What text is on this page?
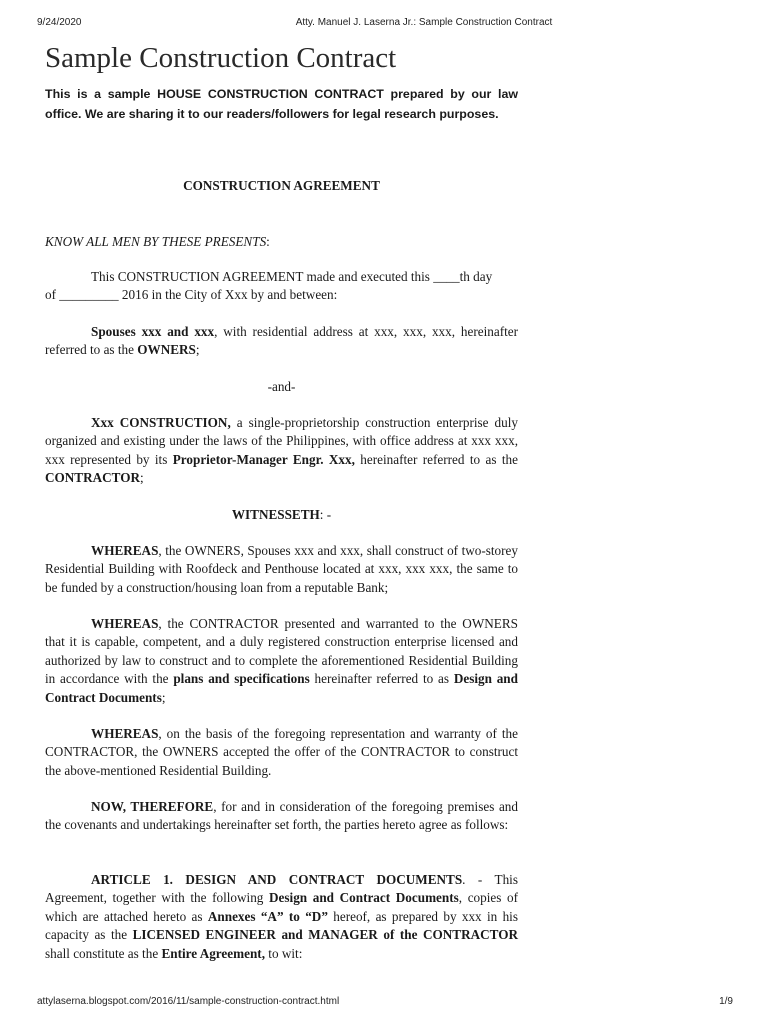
9/24/2020	Atty. Manuel J. Laserna Jr.: Sample Construction Contract
Sample Construction Contract

This is a sample HOUSE CONSTRUCTION CONTRACT prepared by our law office. We are sharing it to our readers/followers for legal research purposes.

CONSTRUCTION AGREEMENT

KNOW ALL MEN BY THESE PRESENTS:

This CONSTRUCTION AGREEMENT made and executed this ____th day
of _________ 2016 in the City of Xxx by and between:

Spouses xxx and xxx, with residential address at xxx, xxx, xxx, hereinafter referred to as the OWNERS;

-and-

Xxx CONSTRUCTION, a single-proprietorship construction enterprise duly organized and existing under the laws of the Philippines, with office address at xxx xxx, xxx represented by its Proprietor-Manager Engr. Xxx, hereinafter referred to as the CONTRACTOR;

WITNESSETH: -

WHEREAS, the OWNERS, Spouses xxx and xxx, shall construct of two-storey Residential Building with Roofdeck and Penthouse located at xxx, xxx xxx, the same to be funded by a construction/housing loan from a reputable Bank;

WHEREAS, the CONTRACTOR presented and warranted to the OWNERS that it is capable, competent, and a duly registered construction enterprise licensed and authorized by law to construct and to complete the aforementioned Residential Building in accordance with the plans and specifications hereinafter referred to as Design and Contract Documents;

WHEREAS, on the basis of the foregoing representation and warranty of the CONTRACTOR, the OWNERS accepted the offer of the CONTRACTOR to construct the above-mentioned Residential Building.

NOW, THEREFORE, for and in consideration of the foregoing premises and the covenants and undertakings hereinafter set forth, the parties hereto agree as follows:

ARTICLE 1. DESIGN AND CONTRACT DOCUMENTS. - This Agreement, together with the following Design and Contract Documents, copies of which are attached hereto as Annexes “A” to “D” hereof, as prepared by xxx in his capacity as the LICENSED ENGINEER and MANAGER of the CONTRACTOR shall constitute as the Entire Agreement, to wit:

attylaserna.blogspot.com/2016/11/sample-construction-contract.html	1/9
